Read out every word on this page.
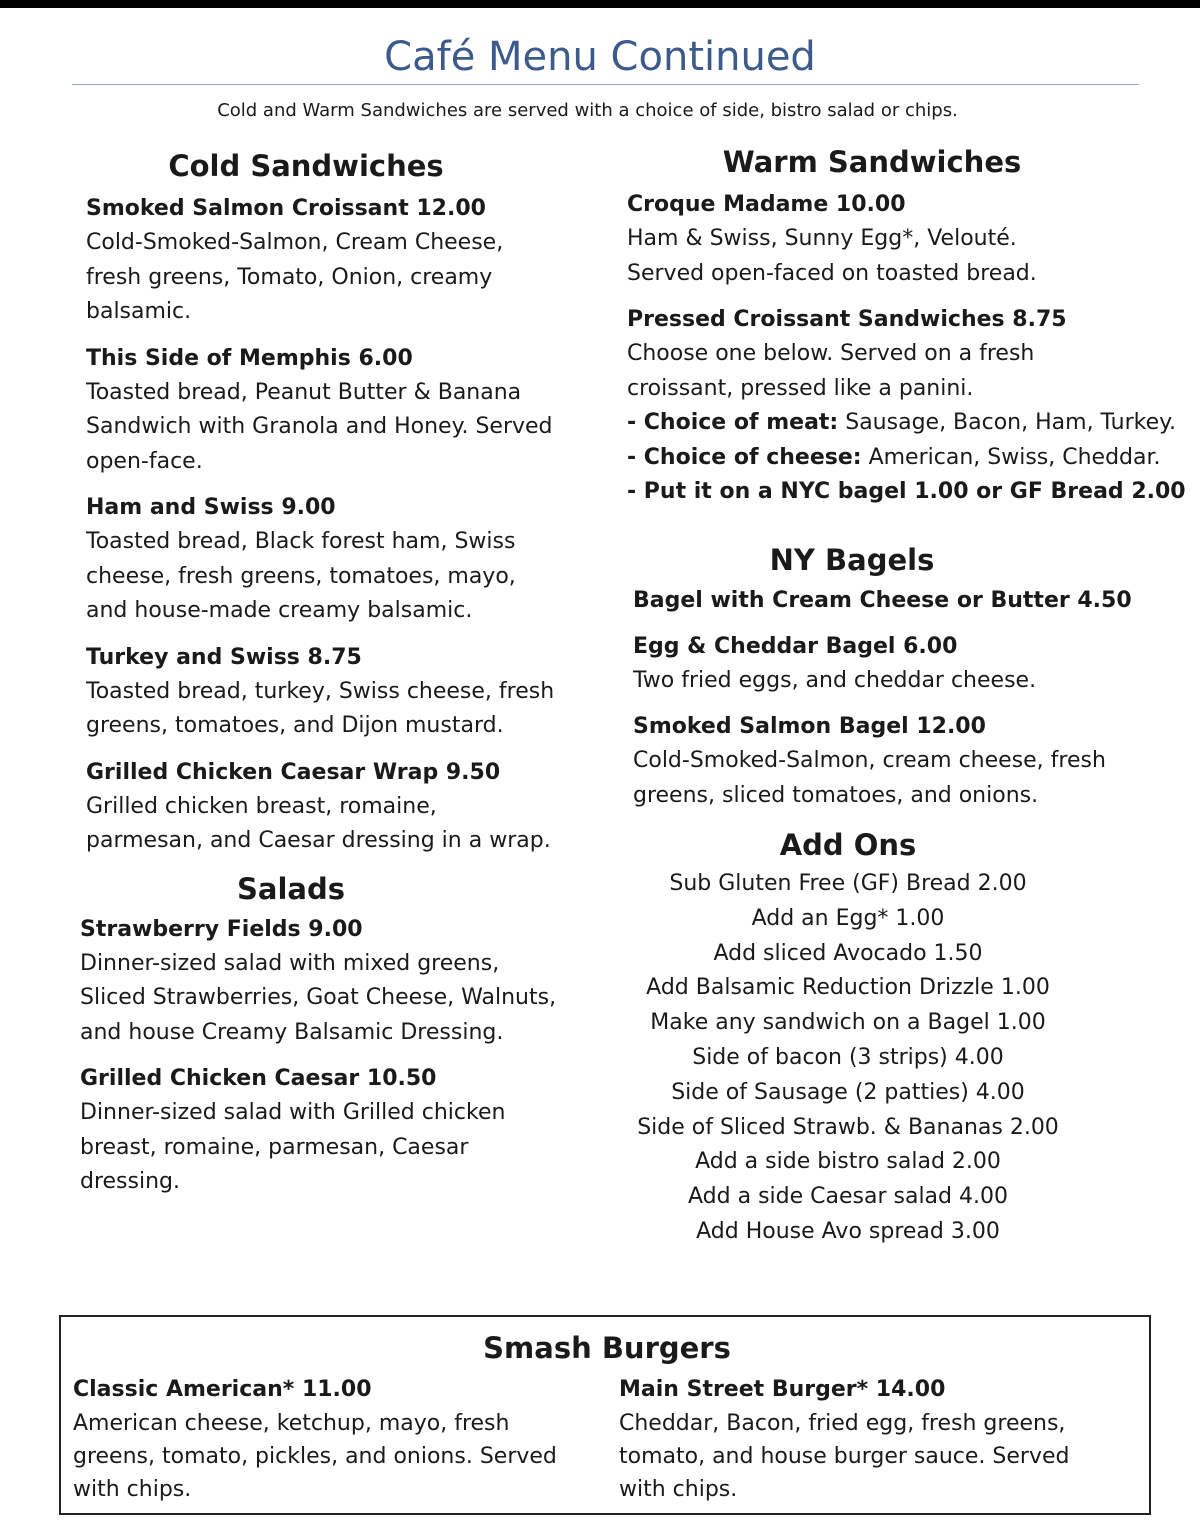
Café Menu Continued
Cold and Warm Sandwiches are served with a choice of side, bistro salad or chips.
Cold Sandwiches
Smoked Salmon Croissant 12.00
Cold-Smoked-Salmon, Cream Cheese, fresh greens, Tomato, Onion, creamy balsamic.
This Side of Memphis 6.00
Toasted bread, Peanut Butter & Banana Sandwich with Granola and Honey. Served open-face.
Ham and Swiss 9.00
Toasted bread, Black forest ham, Swiss cheese, fresh greens, tomatoes, mayo, and house-made creamy balsamic.
Turkey and Swiss 8.75
Toasted bread, turkey, Swiss cheese, fresh greens, tomatoes, and Dijon mustard.
Grilled Chicken Caesar Wrap 9.50
Grilled chicken breast, romaine, parmesan, and Caesar dressing in a wrap.
Salads
Strawberry Fields 9.00
Dinner-sized salad with mixed greens, Sliced Strawberries, Goat Cheese, Walnuts, and house Creamy Balsamic Dressing.
Grilled Chicken Caesar 10.50
Dinner-sized salad with Grilled chicken breast, romaine, parmesan, Caesar dressing.
Warm Sandwiches
Croque Madame 10.00
Ham & Swiss, Sunny Egg*, Velouté.
Served open-faced on toasted bread.
Pressed Croissant Sandwiches 8.75
Choose one below. Served on a fresh croissant, pressed like a panini.
- Choice of meat: Sausage, Bacon, Ham, Turkey.
- Choice of cheese: American, Swiss, Cheddar.
- Put it on a NYC bagel 1.00 or GF Bread 2.00
NY Bagels
Bagel with Cream Cheese or Butter 4.50
Egg & Cheddar Bagel 6.00
Two fried eggs, and cheddar cheese.
Smoked Salmon Bagel 12.00
Cold-Smoked-Salmon, cream cheese, fresh greens, sliced tomatoes, and onions.
Add Ons
Sub Gluten Free (GF) Bread 2.00
Add an Egg* 1.00
Add sliced Avocado 1.50
Add Balsamic Reduction Drizzle 1.00
Make any sandwich on a Bagel 1.00
Side of bacon (3 strips) 4.00
Side of Sausage (2 patties) 4.00
Side of Sliced Strawb. & Bananas 2.00
Add a side bistro salad 2.00
Add a side Caesar salad 4.00
Add House Avo spread 3.00
Smash Burgers
Classic American* 11.00
American cheese, ketchup, mayo, fresh greens, tomato, pickles, and onions. Served with chips.
Main Street Burger* 14.00
Cheddar, Bacon, fried egg, fresh greens, tomato, and house burger sauce. Served with chips.
